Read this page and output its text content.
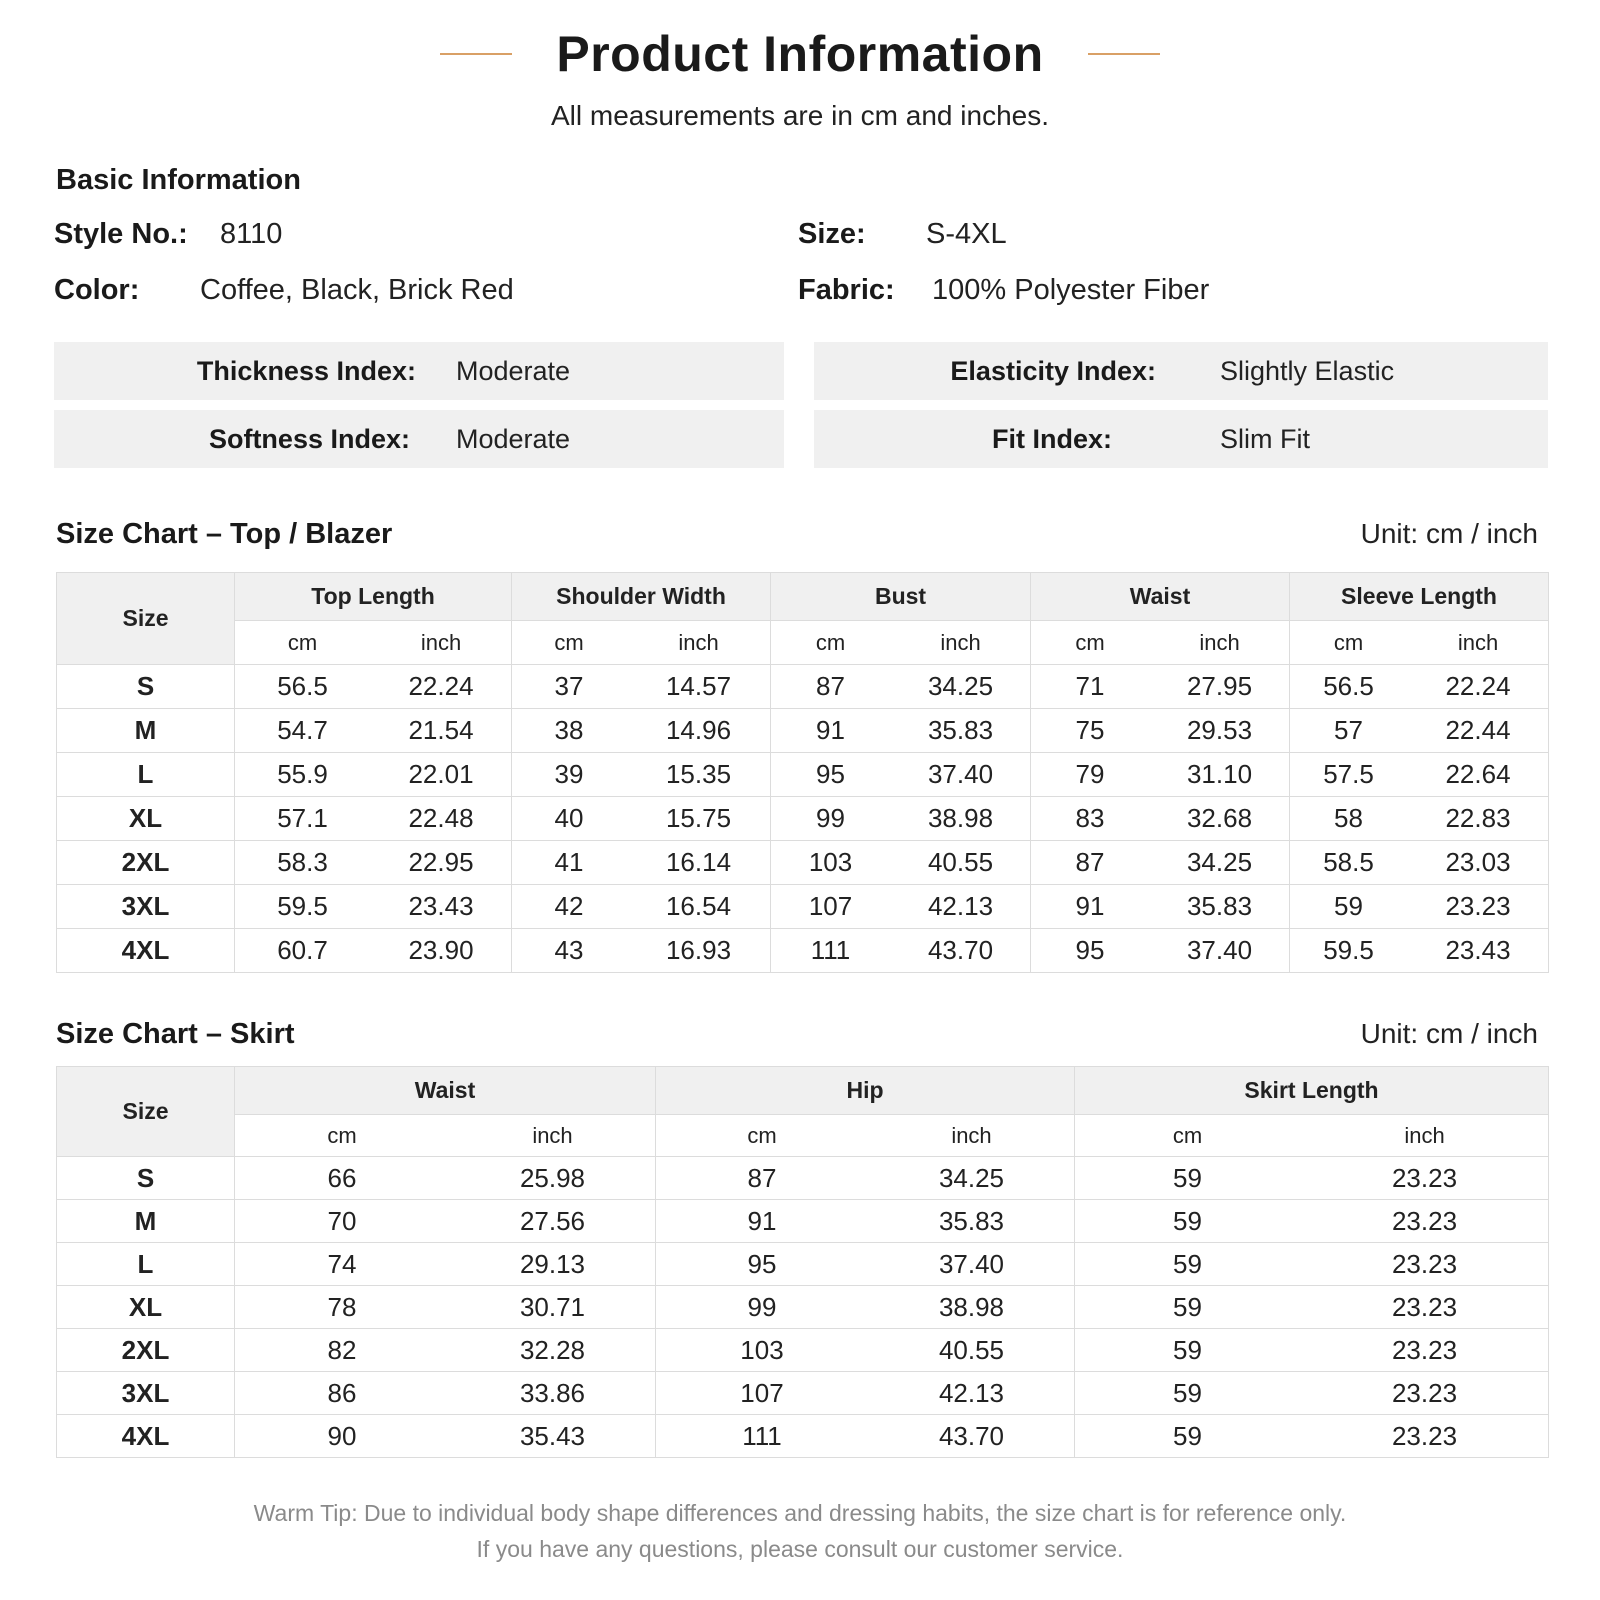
Product Information
All measurements are in cm and inches.
Basic Information
Style No.: 8110	Size: S-4XL
Color: Coffee, Black, Brick Red	Fabric: 100% Polyester Fiber
Thickness Index: Moderate	Elasticity Index: Slightly Elastic
Softness Index: Moderate	Fit Index:	Slim Fit
Size Chart – Top / Blazer	Unit: cm / inch
Size	Top Length		Shoulder Width		Bust		Waist		Sleeve Length	
	cm	inch	cm	inch	cm	inch	cm	inch	cm	inch
S	56.5	22.24	37	14.57	87	34.25	71	27.95	56.5	22.24
M	54.7	21.54	38	14.96	91	35.83	75	29.53	57	22.44
L	55.9	22.01	39	15.35	95	37.40	79	31.10	57.5	22.64
XL	57.1	22.48	40	15.75	99	38.98	83	32.68	58	22.83
2XL	58.3	22.95	41	16.14	103	40.55	87	34.25	58.5	23.03
3XL	59.5	23.43	42	16.54	107	42.13	91	35.83	59	23.23
4XL	60.7	23.90	43	16.93	111	43.70	95	37.40	59.5	23.43
Size Chart – Skirt	Unit: cm / inch
Size	Waist		Hip		Skirt Length	
	cm	inch	cm	inch	cm	inch
S	66	25.98	87	34.25	59	23.23
M	70	27.56	91	35.83	59	23.23
L	74	29.13	95	37.40	59	23.23
XL	78	30.71	99	38.98	59	23.23
2XL	82	32.28	103	40.55	59	23.23
3XL	86	33.86	107	42.13	59	23.23
4XL	90	35.43	111	43.70	59	23.23
Warm Tip: Due to individual body shape differences and dressing habits, the size chart is for reference only.
If you have any questions, please consult our customer service.
